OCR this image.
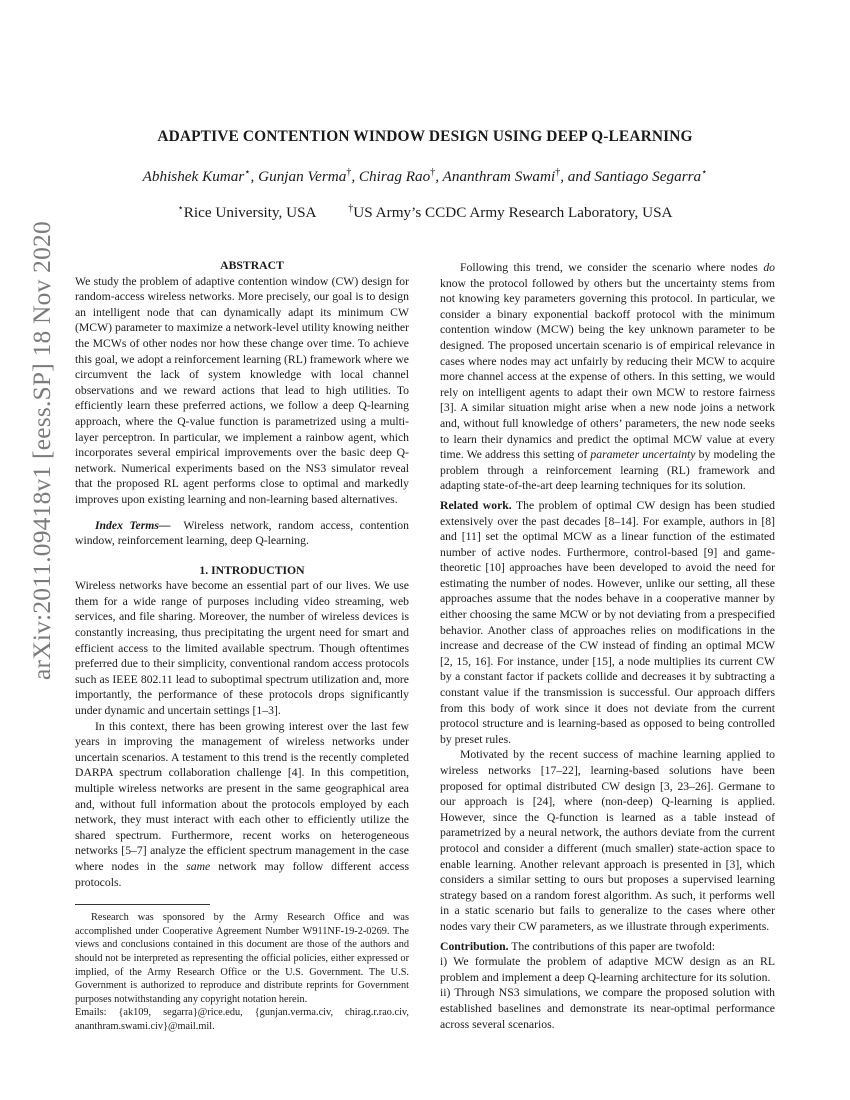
arXiv:2011.09418v1 [eess.SP] 18 Nov 2020
ADAPTIVE CONTENTION WINDOW DESIGN USING DEEP Q-LEARNING
Abhishek Kumar⋆, Gunjan Verma†, Chirag Rao†, Ananthram Swami†, and Santiago Segarra⋆
⋆Rice University, USA	†US Army’s CCDC Army Research Laboratory, USA

ABSTRACT

We study the problem of adaptive contention window (CW) design for random-access wireless networks. More precisely, our goal is to design an intelligent node that can dynamically adapt its minimum CW (MCW) parameter to maximize a network-level utility knowing neither the MCWs of other nodes nor how these change over time. To achieve this goal, we adopt a reinforcement learning (RL) framework where we circumvent the lack of system knowledge with local channel observations and we reward actions that lead to high utilities. To efficiently learn these preferred actions, we follow a deep Q-learning approach, where the Q-value function is parametrized using a multi-layer perceptron. In particular, we implement a rainbow agent, which incorporates several empirical improvements over the basic deep Q-network. Numerical experiments based on the NS3 simulator reveal that the proposed RL agent performs close to optimal and markedly improves upon existing learning and non-learning based alternatives.

Index Terms— Wireless network, random access, contention window, reinforcement learning, deep Q-learning.

1. INTRODUCTION

Wireless networks have become an essential part of our lives. We use them for a wide range of purposes including video streaming, web services, and file sharing. Moreover, the number of wireless devices is constantly increasing, thus precipitating the urgent need for smart and efficient access to the limited available spectrum. Though oftentimes preferred due to their simplicity, conventional random access protocols such as IEEE 802.11 lead to suboptimal spectrum utilization and, more importantly, the performance of these protocols drops significantly under dynamic and uncertain settings [1–3].

In this context, there has been growing interest over the last few years in improving the management of wireless networks under uncertain scenarios. A testament to this trend is the recently completed DARPA spectrum collaboration challenge [4]. In this competition, multiple wireless networks are present in the same geographical area and, without full information about the protocols employed by each network, they must interact with each other to efficiently utilize the shared spectrum. Furthermore, recent works on heterogeneous networks [5–7] analyze the efficient spectrum management in the case where nodes in the same network may follow different access protocols.

Research was sponsored by the Army Research Office and was accomplished under Cooperative Agreement Number W911NF-19-2-0269. The views and conclusions contained in this document are those of the authors and should not be interpreted as representing the official policies, either expressed or implied, of the Army Research Office or the U.S. Government. The U.S. Government is authorized to reproduce and distribute reprints for Government purposes notwithstanding any copyright notation herein.

Emails: {ak109, segarra}@rice.edu, {gunjan.verma.civ, chirag.r.rao.civ, ananthram.swami.civ}@mail.mil.

Following this trend, we consider the scenario where nodes do know the protocol followed by others but the uncertainty stems from not knowing key parameters governing this protocol. In particular, we consider a binary exponential backoff protocol with the minimum contention window (MCW) being the key unknown parameter to be designed. The proposed uncertain scenario is of empirical relevance in cases where nodes may act unfairly by reducing their MCW to acquire more channel access at the expense of others. In this setting, we would rely on intelligent agents to adapt their own MCW to restore fairness [3]. A similar situation might arise when a new node joins a network and, without full knowledge of others’ parameters, the new node seeks to learn their dynamics and predict the optimal MCW value at every time. We address this setting of parameter uncertainty by modeling the problem through a reinforcement learning (RL) framework and adapting state-of-the-art deep learning techniques for its solution.

Related work. The problem of optimal CW design has been studied extensively over the past decades [8–14]. For example, authors in [8] and [11] set the optimal MCW as a linear function of the estimated number of active nodes. Furthermore, control-based [9] and game-theoretic [10] approaches have been developed to avoid the need for estimating the number of nodes. However, unlike our setting, all these approaches assume that the nodes behave in a cooperative manner by either choosing the same MCW or by not deviating from a prespecified behavior. Another class of approaches relies on modifications in the increase and decrease of the CW instead of finding an optimal MCW [2, 15, 16]. For instance, under [15], a node multiplies its current CW by a constant factor if packets collide and decreases it by subtracting a constant value if the transmission is successful. Our approach differs from this body of work since it does not deviate from the current protocol structure and is learning-based as opposed to being controlled by preset rules.

Motivated by the recent success of machine learning applied to wireless networks [17–22], learning-based solutions have been proposed for optimal distributed CW design [3, 23–26]. Germane to our approach is [24], where (non-deep) Q-learning is applied. However, since the Q-function is learned as a table instead of parametrized by a neural network, the authors deviate from the current protocol and consider a different (much smaller) state-action space to enable learning. Another relevant approach is presented in [3], which considers a similar setting to ours but proposes a supervised learning strategy based on a random forest algorithm. As such, it performs well in a static scenario but fails to generalize to the cases where other nodes vary their CW parameters, as we illustrate through experiments.

Contribution. The contributions of this paper are twofold:

i) We formulate the problem of adaptive MCW design as an RL problem and implement a deep Q-learning architecture for its solution.

ii) Through NS3 simulations, we compare the proposed solution with established baselines and demonstrate its near-optimal performance across several scenarios.
